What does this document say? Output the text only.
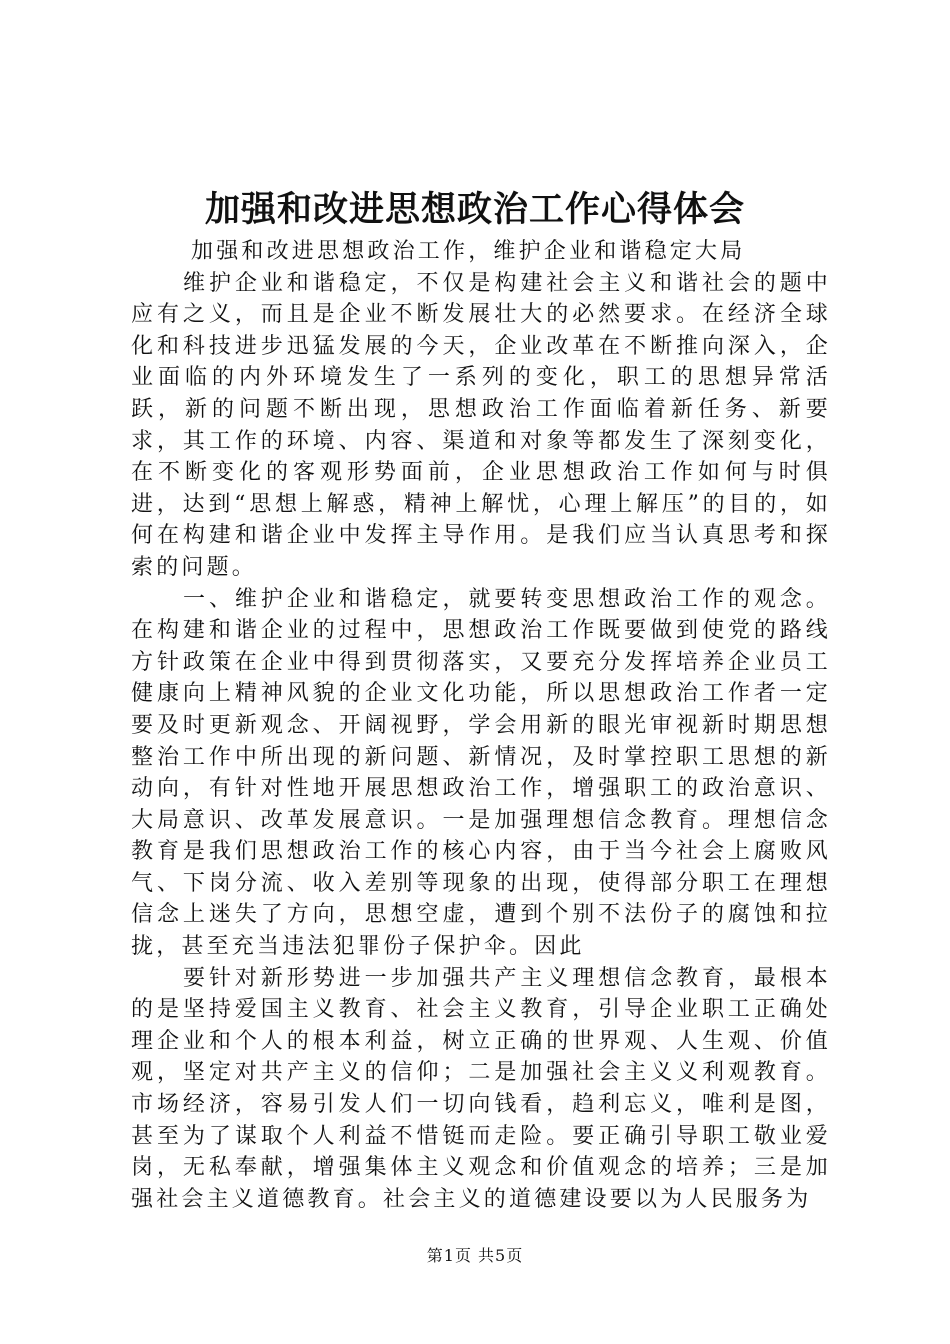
加强和改进思想政治工作心得体会

加强和改进思想政治工作，维护企业和谐稳定大局

维护企业和谐稳定，不仅是构建社会主义和谐社会的题中应有之义，而且是企业不断发展壮大的必然要求。在经济全球化和科技进步迅猛发展的今天，企业改革在不断推向深入，企业面临的内外环境发生了一系列的变化，职工的思想异常活跃，新的问题不断出现，思想政治工作面临着新任务、新要求，其工作的环境、内容、渠道和对象等都发生了深刻变化，在不断变化的客观形势面前，企业思想政治工作如何与时俱进，达到“思想上解惑，精神上解忧，心理上解压”的目的，如何在构建和谐企业中发挥主导作用。是我们应当认真思考和探索的问题。

一、维护企业和谐稳定，就要转变思想政治工作的观念。在构建和谐企业的过程中，思想政治工作既要做到使党的路线方针政策在企业中得到贯彻落实，又要充分发挥培养企业员工健康向上精神风貌的企业文化功能，所以思想政治工作者一定要及时更新观念、开阔视野，学会用新的眼光审视新时期思想整治工作中所出现的新问题、新情况，及时掌控职工思想的新动向，有针对性地开展思想政治工作，增强职工的政治意识、大局意识、改革发展意识。一是加强理想信念教育。理想信念教育是我们思想政治工作的核心内容，由于当今社会上腐败风气、下岗分流、收入差别等现象的出现，使得部分职工在理想信念上迷失了方向，思想空虚，遭到个别不法份子的腐蚀和拉拢，甚至充当违法犯罪份子保护伞。因此

要针对新形势进一步加强共产主义理想信念教育，最根本的是坚持爱国主义教育、社会主义教育，引导企业职工正确处理企业和个人的根本利益，树立正确的世界观、人生观、价值观，坚定对共产主义的信仰；二是加强社会主义义利观教育。市场经济，容易引发人们一切向钱看，趋利忘义，唯利是图，甚至为了谋取个人利益不惜铤而走险。要正确引导职工敬业爱岗，无私奉献，增强集体主义观念和价值观念的培养；三是加强社会主义道德教育。社会主义的道德建设要以为人民服务为

第1页 共5页
